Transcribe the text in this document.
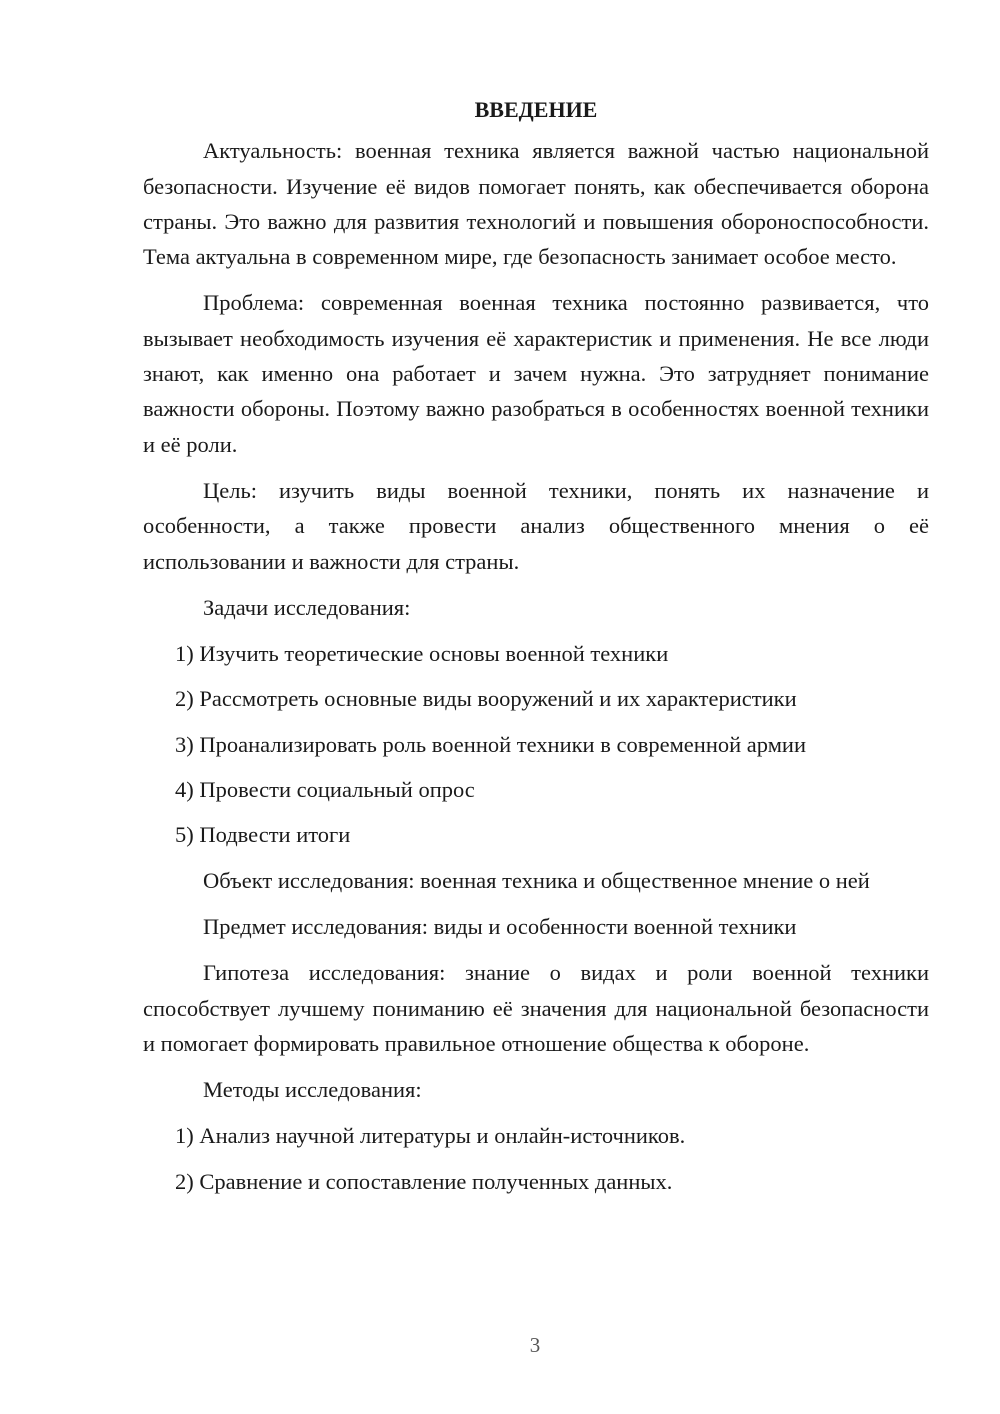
ВВЕДЕНИЕ

Актуальность: военная техника является важной частью национальной безопасности. Изучение её видов помогает понять, как обеспечивается оборона страны. Это важно для развития технологий и повышения обороноспособности. Тема актуальна в современном мире, где безопасность занимает особое место.

Проблема: современная военная техника постоянно развивается, что вызывает необходимость изучения её характеристик и применения. Не все люди знают, как именно она работает и зачем нужна. Это затрудняет понимание важности обороны. Поэтому важно разобраться в особенностях военной техники и её роли.

Цель: изучить виды военной техники, понять их назначение и особенности, а также провести анализ общественного мнения о её использовании и важности для страны.

Задачи исследования:

1) Изучить теоретические основы военной техники

2) Рассмотреть основные виды вооружений и их характеристики

3) Проанализировать роль военной техники в современной армии

4) Провести социальный опрос

5) Подвести итоги

Объект исследования: военная техника и общественное мнение о ней

Предмет исследования: виды и особенности военной техники

Гипотеза исследования: знание о видах и роли военной техники способствует лучшему пониманию её значения для национальной безопасности и помогает формировать правильное отношение общества к обороне.

Методы исследования:

1) Анализ научной литературы и онлайн-источников.

2) Сравнение и сопоставление полученных данных.

3
